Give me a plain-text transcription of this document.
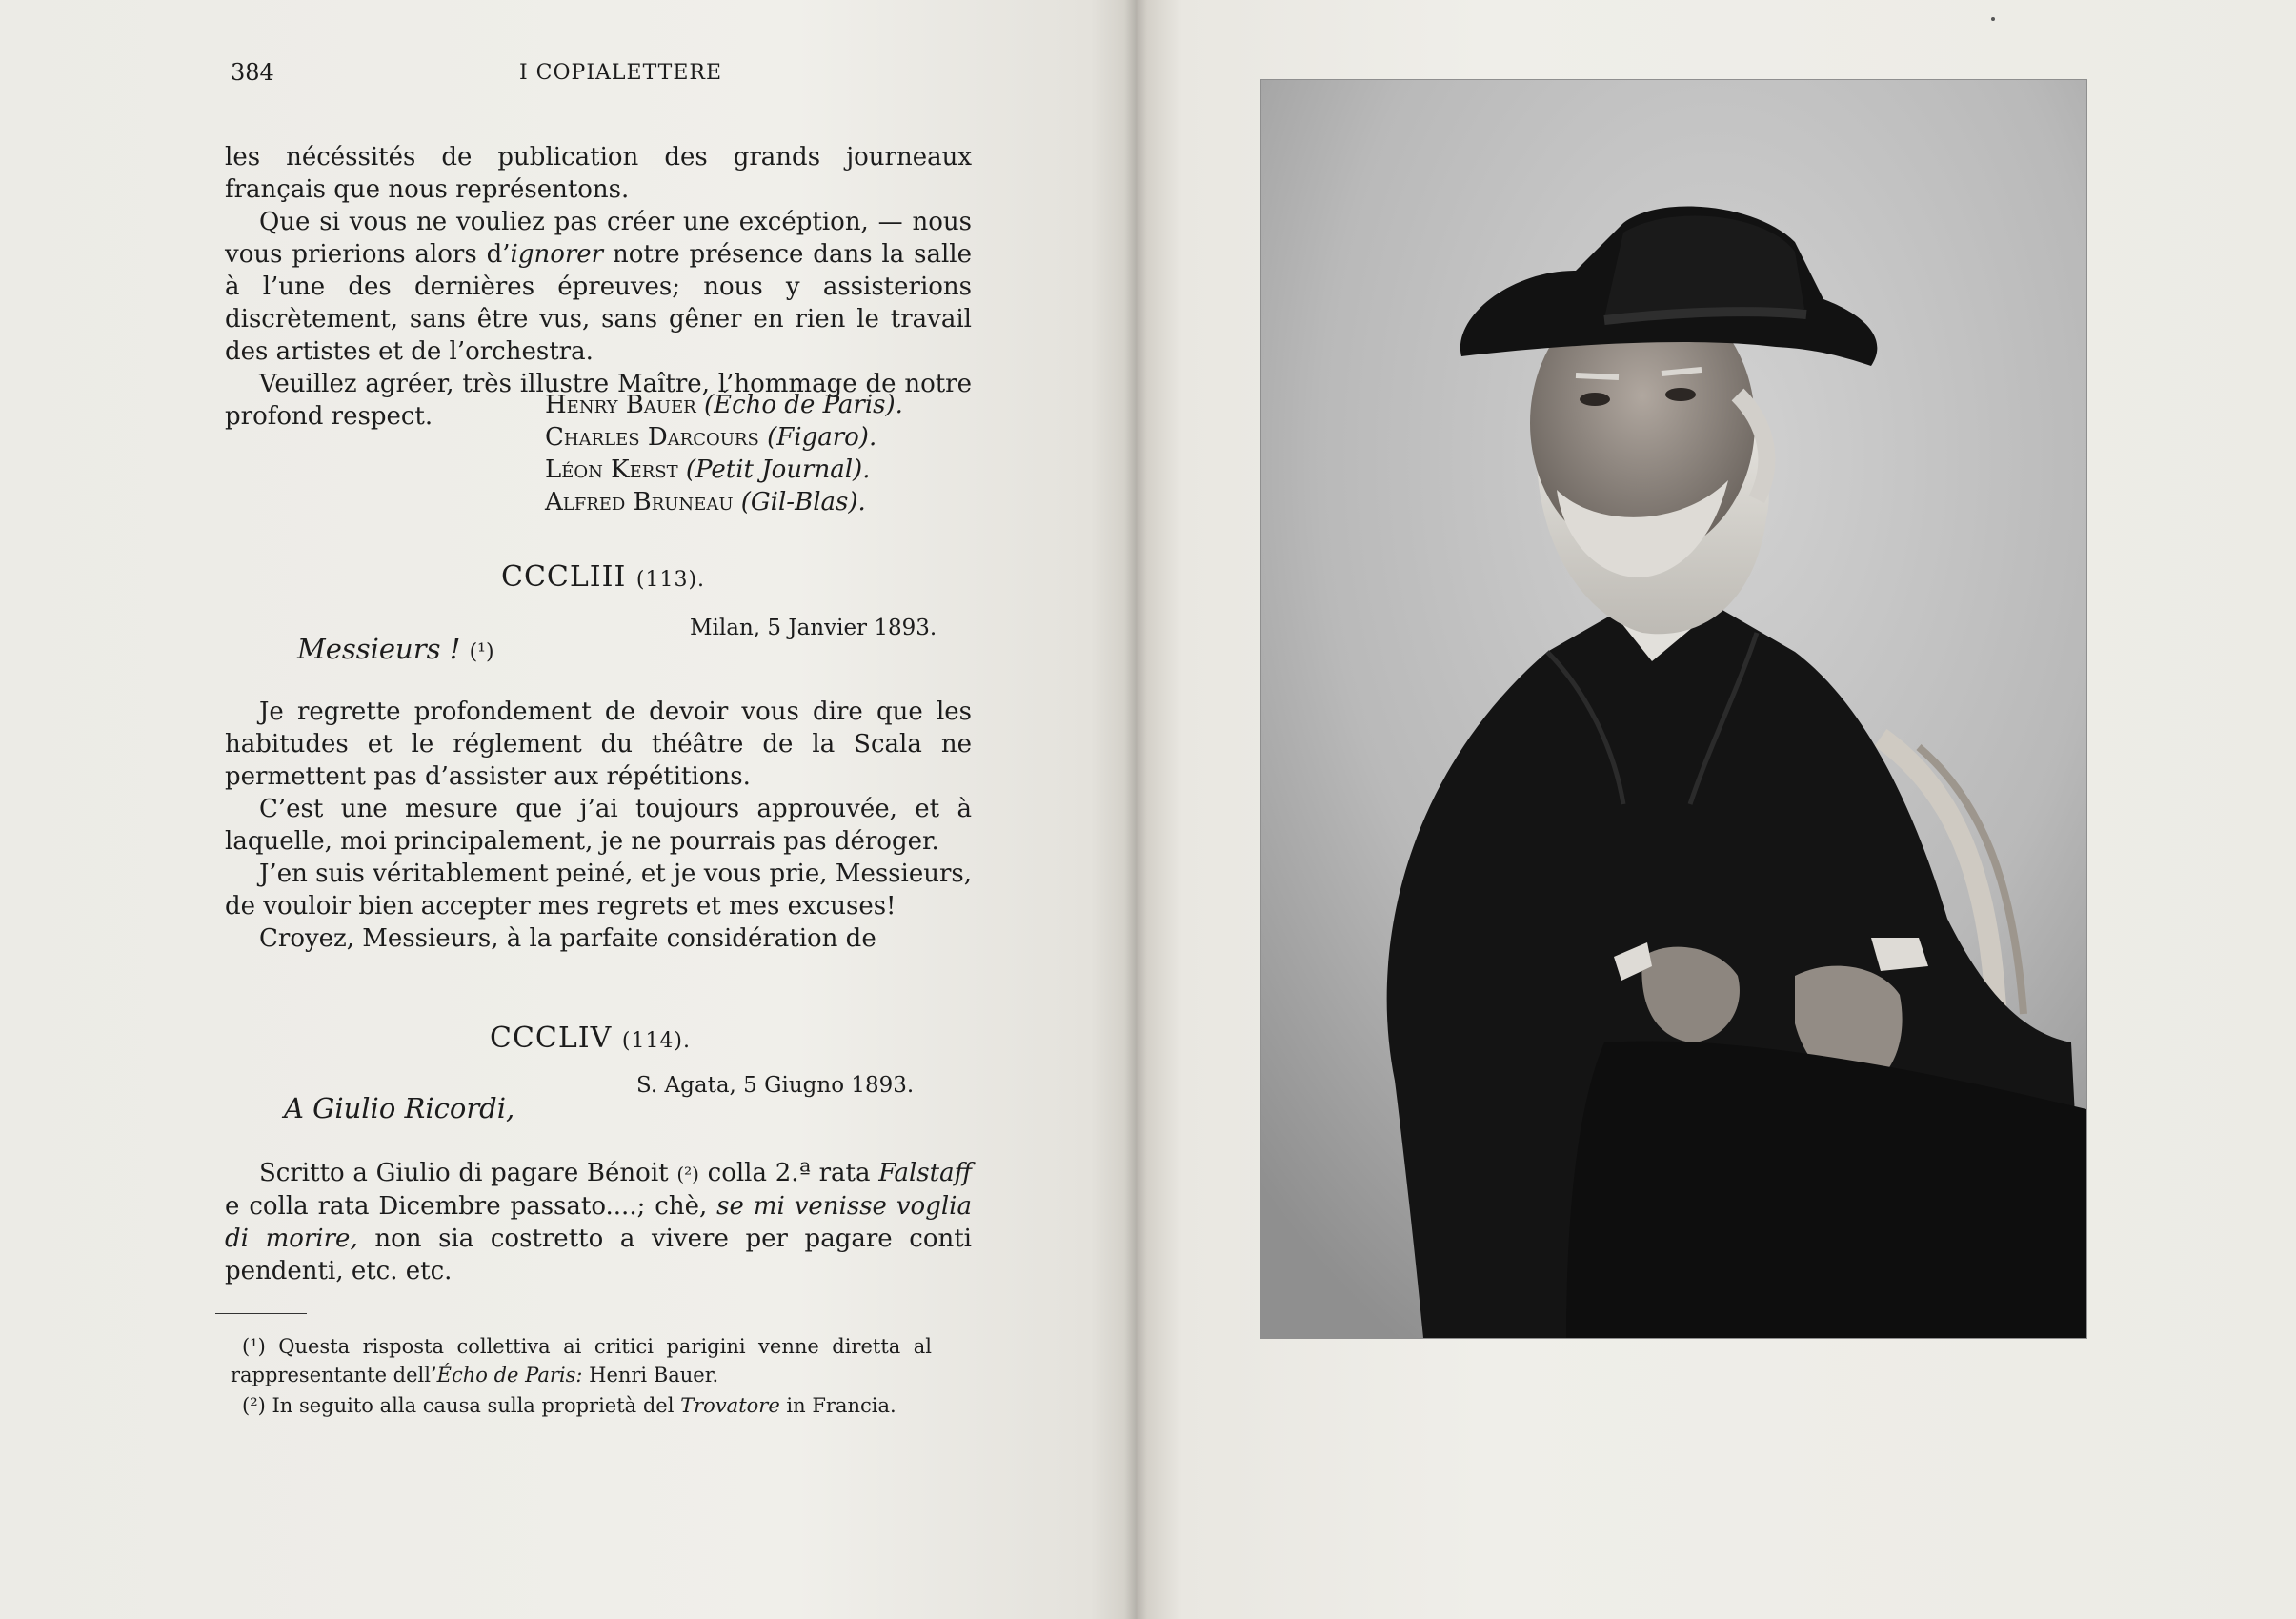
384	I COPIALETTERE
les nécéssités de publication des grands journeaux français que nous représentons.
Que si vous ne vouliez pas créer une excéption, — nous vous prierions alors d’ignorer notre présence dans la salle à l’une des dernières épreuves; nous y assisterions discrètement, sans être vus, sans gêner en rien le travail des artistes et de l’orchestra.
Veuillez agréer, très illustre Maître, l’hommage de notre profond respect.	Henry Bauer (Écho de Paris).
Charles Darcours (Figaro).
Léon Kerst (Petit Journal).
Alfred Bruneau (Gil-Blas).
CCCLIII (113).
Milan, 5 Janvier 1893.
Messieurs ! (¹)
Je regrette profondement de devoir vous dire que les habitudes et le réglement du théâtre de la Scala ne permettent pas d’assister aux répétitions.
C’est une mesure que j’ai toujours approuvée, et à laquelle, moi principalement, je ne pourrais pas déroger.
J’en suis véritablement peiné, et je vous prie, Messieurs, de vouloir bien accepter mes regrets et mes excuses!
Croyez, Messieurs, à la parfaite considération de
CCCLIV (114).
S. Agata, 5 Giugno 1893.
A Giulio Ricordi,
Scritto a Giulio di pagare Bénoit (²) colla 2.ª rata Falstaff e colla rata Dicembre passato....; chè, se mi venisse voglia di morire, non sia costretto a vivere per pagare conti pendenti, etc. etc.
(¹) Questa risposta collettiva ai critici parigini venne diretta al rappresentante dell’Écho de Paris: Henri Bauer.
(²) In seguito alla causa sulla proprietà del Trovatore in Francia.
